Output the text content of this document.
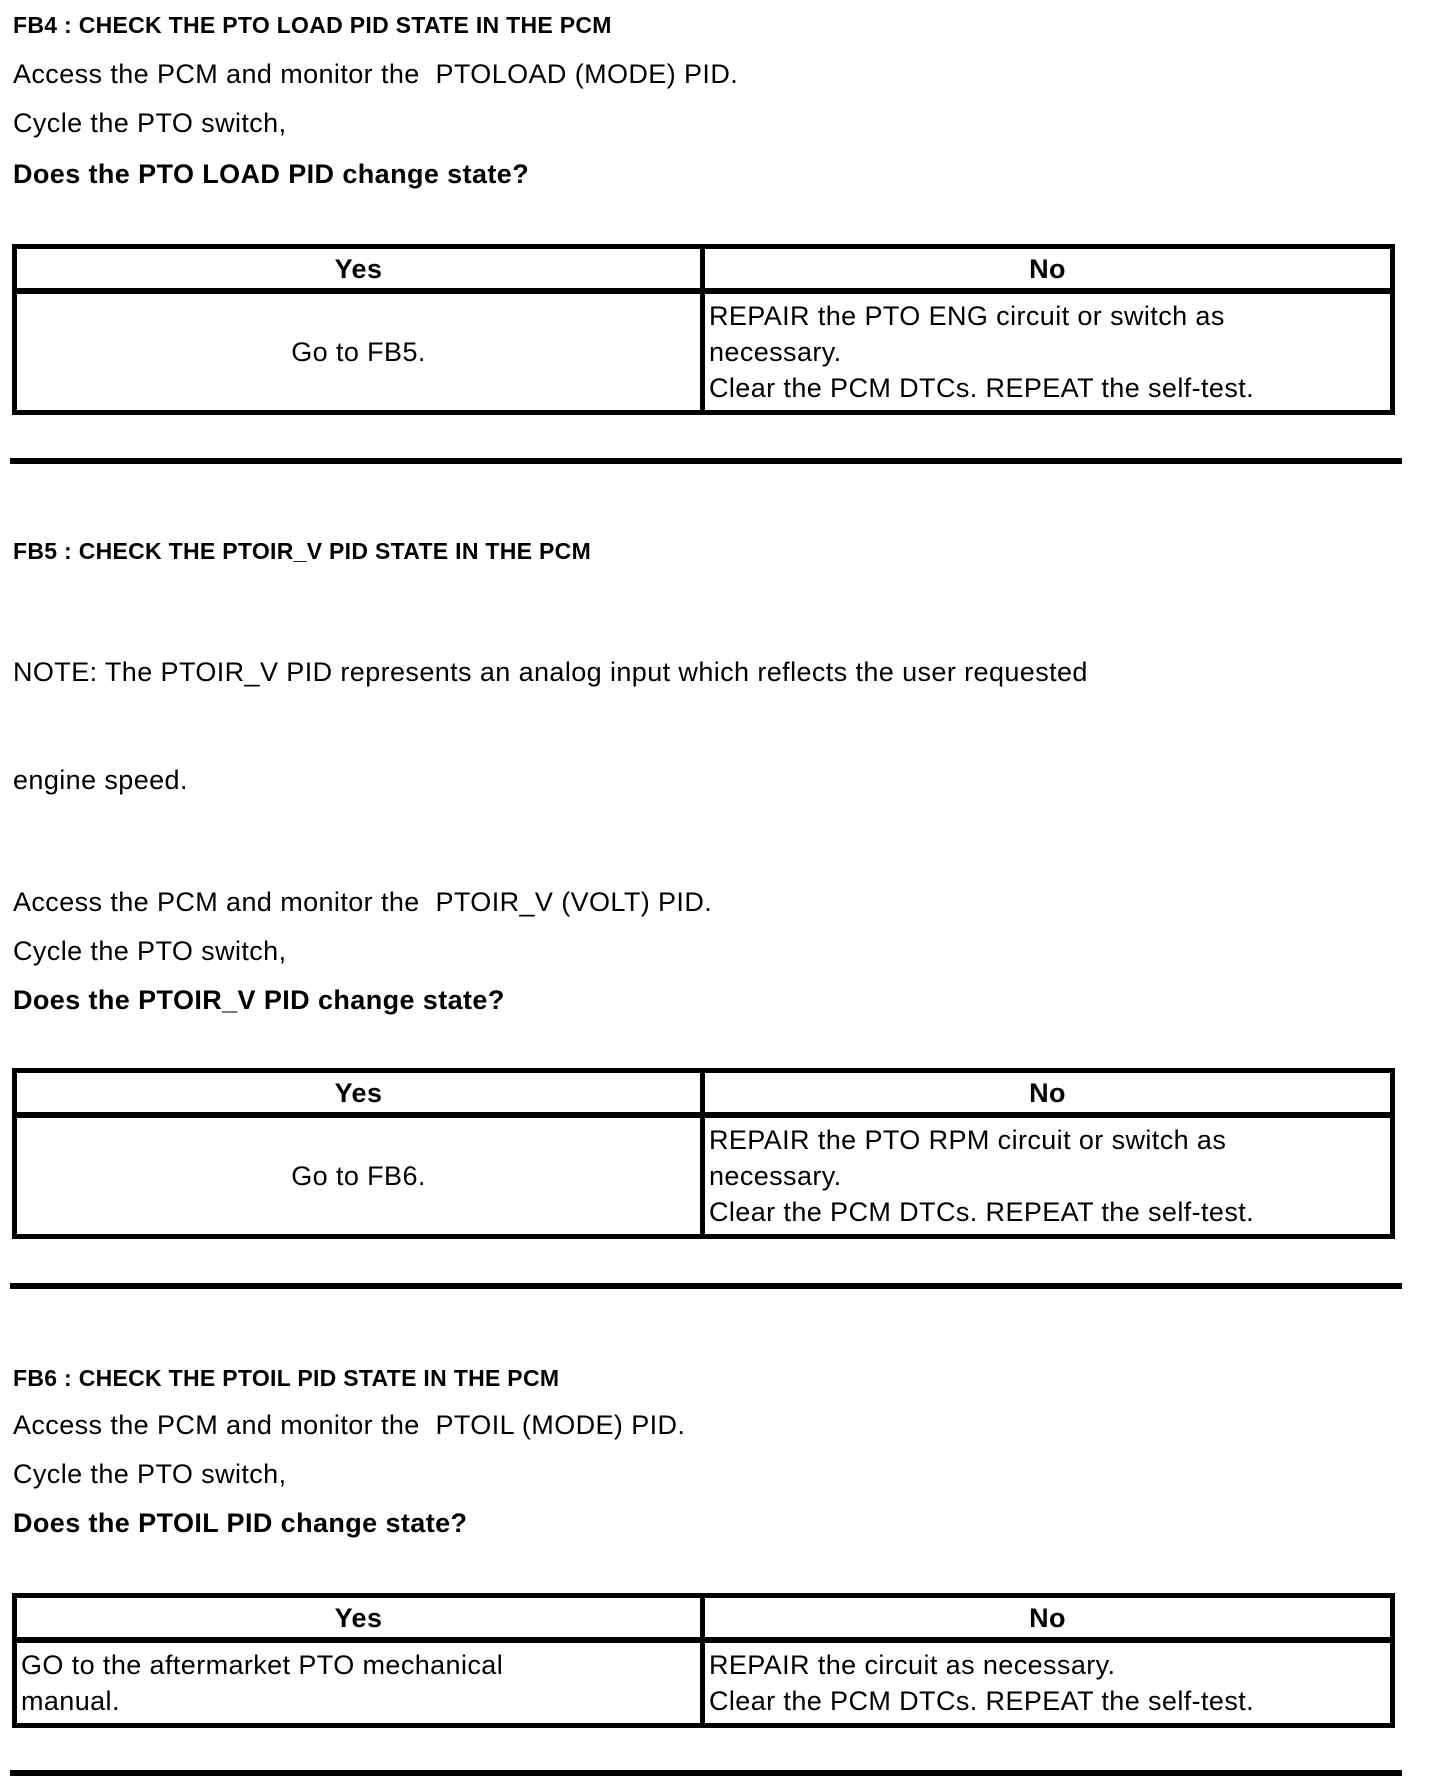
FB4 : CHECK THE PTO LOAD PID STATE IN THE PCM

Access the PCM and monitor the  PTOLOAD (MODE) PID.

Cycle the PTO switch,

Does the PTO LOAD PID change state?

Yes	No

Go to FB5.	REPAIR the PTO ENG circuit or switch as
necessary.
Clear the PCM DTCs. REPEAT the self-test.
FB5 : CHECK THE PTOIR_V PID STATE IN THE PCM

NOTE: The PTOIR_V PID represents an analog input which reflects the user requested

engine speed.

Access the PCM and monitor the  PTOIR_V (VOLT) PID.

Cycle the PTO switch,

Does the PTOIR_V PID change state?

Yes	No

Go to FB6.	REPAIR the PTO RPM circuit or switch as
necessary.
Clear the PCM DTCs. REPEAT the self-test.
FB6 : CHECK THE PTOIL PID STATE IN THE PCM

Access the PCM and monitor the  PTOIL (MODE) PID.

Cycle the PTO switch,

Does the PTOIL PID change state?

Yes	No

GO to the aftermarket PTO mechanical
manual.	REPAIR the circuit as necessary.
Clear the PCM DTCs. REPEAT the self-test.
